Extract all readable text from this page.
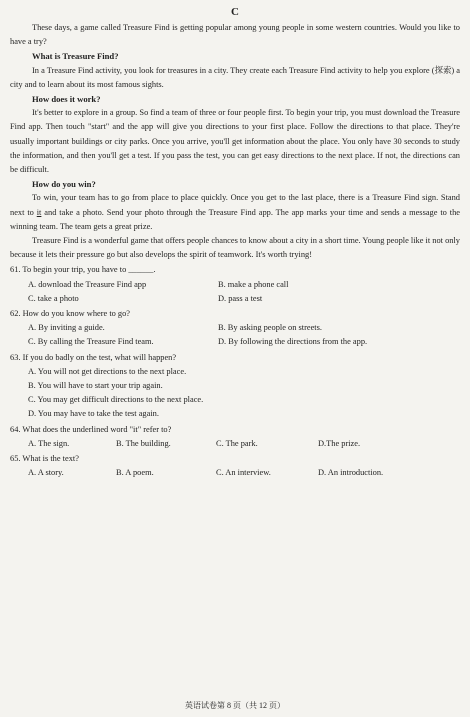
C

These days, a game called Treasure Find is getting popular among young people in some western countries. Would you like to have a try?

What is Treasure Find?

In a Treasure Find activity, you look for treasures in a city. They create each Treasure Find activity to help you explore (探索) a city and to learn about its most famous sights.

How does it work?

It's better to explore in a group. So find a team of three or four people first. To begin your trip, you must download the Treasure Find app. Then touch "start" and the app will give you directions to your first place. Follow the directions to that place. They're usually important buildings or city parks. Once you arrive, you'll get information about the place. You only have 30 seconds to study the information, and then you'll get a test. If you pass the test, you can get easy directions to the next place. If not, the directions can be difficult.

How do you win?

To win, your team has to go from place to place quickly. Once you get to the last place, there is a Treasure Find sign. Stand next to it and take a photo. Send your photo through the Treasure Find app. The app marks your time and sends a message to the winning team. The team gets a great prize.

Treasure Find is a wonderful game that offers people chances to know about a city in a short time. Young people like it not only because it lets their pressure go but also develops the spirit of teamwork. It's worth trying!

61. To begin your trip, you have to ______.
A. download the Treasure Find app	B. make a phone call
C. take a photo	D. pass a test
62. How do you know where to go?
A. By inviting a guide.	B. By asking people on streets.
C. By calling the Treasure Find team.	D. By following the directions from the app.
63. If you do badly on the test, what will happen?
A. You will not get directions to the next place.
B. You will have to start your trip again.
C. You may get difficult directions to the next place.
D. You may have to take the test again.
64. What does the underlined word "it" refer to?
A. The sign.	B. The building.	C. The park.	D.The prize.
65. What is the text?
A. A story.	B. A poem.	C. An interview.	D. An introduction.
英语试卷第 8 页（共 12 页）
